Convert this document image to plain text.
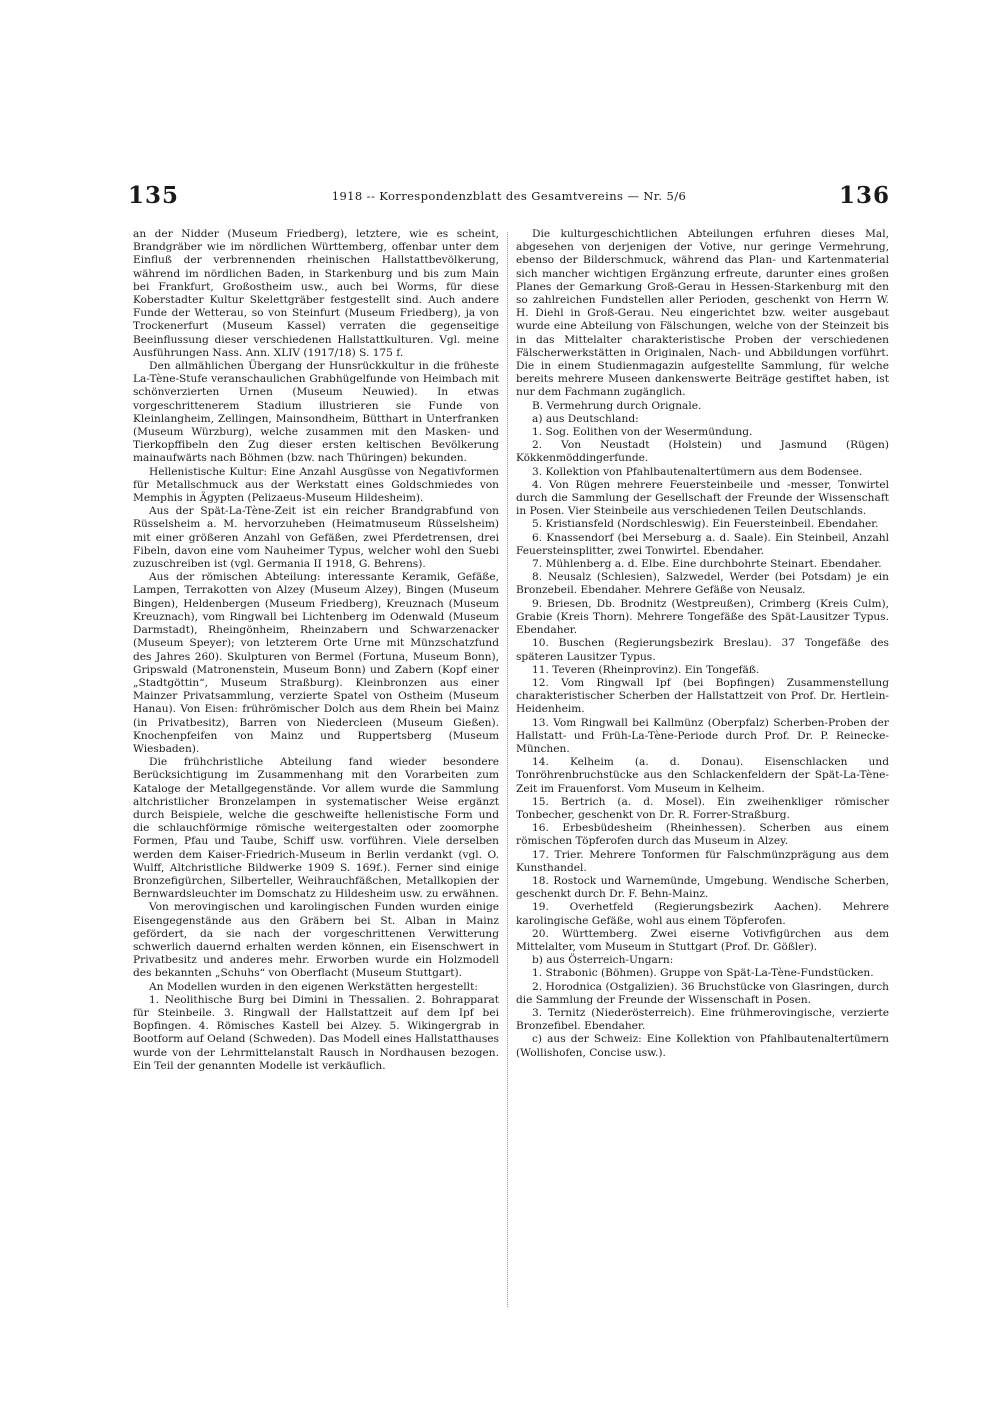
135	1918 -- Korrespondenzblatt des Gesamtvereins — Nr. 5/6	136

an der Nidder (Museum Friedberg), letztere, wie es scheint, Brandgräber wie im nördlichen Württemberg, offenbar unter dem Einfluß der verbrennenden rheinischen Hallstattbevölkerung, während im nördlichen Baden, in Starkenburg und bis zum Main bei Frankfurt, Großostheim usw., auch bei Worms, für diese Koberstadter Kultur Skelettgräber festgestellt sind. Auch andere Funde der Wetterau, so von Steinfurt (Museum Friedberg), ja von Trockenerfurt (Museum Kassel) verraten die gegenseitige Beeinflussung dieser verschiedenen Hallstattkulturen. Vgl. meine Ausführungen Nass. Ann. XLIV (1917/18) S. 175 f.

Den allmählichen Übergang der Hunsrückkultur in die früheste La-Tène-Stufe veranschaulichen Grabhügelfunde von Heimbach mit schönverzierten Urnen (Museum Neuwied). In etwas vorgeschrittenerem Stadium illustrieren sie Funde von Kleinlangheim, Zellingen, Mainsondheim, Bütthart in Unterfranken (Museum Würzburg), welche zusammen mit den Masken- und Tierkopffibeln den Zug dieser ersten keltischen Bevölkerung mainaufwärts nach Böhmen (bzw. nach Thüringen) bekunden.

Hellenistische Kultur: Eine Anzahl Ausgüsse von Negativformen für Metallschmuck aus der Werkstatt eines Goldschmiedes von Memphis in Ägypten (Pelizaeus-Museum Hildesheim).

Aus der Spät-La-Tène-Zeit ist ein reicher Brandgrabfund von Rüsselsheim a. M. hervorzuheben (Heimatmuseum Rüsselsheim) mit einer größeren Anzahl von Gefäßen, zwei Pferdetrensen, drei Fibeln, davon eine vom Nauheimer Typus, welcher wohl den Suebi zuzuschreiben ist (vgl. Germania II 1918, G. Behrens).

Aus der römischen Abteilung: interessante Keramik, Gefäße, Lampen, Terrakotten von Alzey (Museum Alzey), Bingen (Museum Bingen), Heldenbergen (Museum Friedberg), Kreuznach (Museum Kreuznach), vom Ringwall bei Lichtenberg im Odenwald (Museum Darmstadt), Rheingönheim, Rheinzabern und Schwarzenacker (Museum Speyer); von letzterem Orte Urne mit Münzschatzfund des Jahres 260). Skulpturen von Bermel (Fortuna, Museum Bonn), Gripswald (Matronenstein, Museum Bonn) und Zabern (Kopf einer „Stadtgöttin“, Museum Straßburg). Kleinbronzen aus einer Mainzer Privatsammlung, verzierte Spatel von Ostheim (Museum Hanau). Von Eisen: frührömischer Dolch aus dem Rhein bei Mainz (in Privatbesitz), Barren von Niedercleen (Museum Gießen). Knochenpfeifen von Mainz und Ruppertsberg (Museum Wiesbaden).

Die frühchristliche Abteilung fand wieder besondere Berücksichtigung im Zusammenhang mit den Vorarbeiten zum Kataloge der Metallgegenstände. Vor allem wurde die Sammlung altchristlicher Bronzelampen in systematischer Weise ergänzt durch Beispiele, welche die geschweifte hellenistische Form und die schlauchförmige römische weitergestalten oder zoomorphe Formen, Pfau und Taube, Schiff usw. vorführen. Viele derselben werden dem Kaiser-Friedrich-Museum in Berlin verdankt (vgl. O. Wulff, Altchristliche Bildwerke 1909 S. 169f.). Ferner sind einige Bronzefigürchen, Silberteller, Weihrauchfäßchen, Metallkopien der Bernwardsleuchter im Domschatz zu Hildesheim usw. zu erwähnen.

Von merovingischen und karolingischen Funden wurden einige Eisengegenstände aus den Gräbern bei St. Alban in Mainz gefördert, da sie nach der vorgeschrittenen Verwitterung schwerlich dauernd erhalten werden können, ein Eisenschwert in Privatbesitz und anderes mehr. Erworben wurde ein Holzmodell des bekannten „Schuhs“ von Oberflacht (Museum Stuttgart).

An Modellen wurden in den eigenen Werkstätten hergestellt:

1. Neolithische Burg bei Dimini in Thessalien. 2. Bohrapparat für Steinbeile. 3. Ringwall der Hallstattzeit auf dem Ipf bei Bopfingen. 4. Römisches Kastell bei Alzey. 5. Wikingergrab in Bootform auf Oeland (Schweden). Das Modell eines Hallstatthauses wurde von der Lehrmittelanstalt Rausch in Nordhausen bezogen. Ein Teil der genannten Modelle ist verkäuflich.

Die kulturgeschichtlichen Abteilungen erfuhren dieses Mal, abgesehen von derjenigen der Votive, nur geringe Vermehrung, ebenso der Bilderschmuck, während das Plan- und Kartenmaterial sich mancher wichtigen Ergänzung erfreute, darunter eines großen Planes der Gemarkung Groß-Gerau in Hessen-Starkenburg mit den so zahlreichen Fundstellen aller Perioden, geschenkt von Herrn W. H. Diehl in Groß-Gerau. Neu eingerichtet bzw. weiter ausgebaut wurde eine Abteilung von Fälschungen, welche von der Steinzeit bis in das Mittelalter charakteristische Proben der verschiedenen Fälscherwerkstätten in Originalen, Nach- und Abbildungen vorführt. Die in einem Studienmagazin aufgestellte Sammlung, für welche bereits mehrere Museen dankenswerte Beiträge gestiftet haben, ist nur dem Fachmann zugänglich.

B. Vermehrung durch Orignale.

a) aus Deutschland:

1. Sog. Eolithen von der Wesermündung.

2. Von Neustadt (Holstein) und Jasmund (Rügen) Kökkenmöddingerfunde.

3. Kollektion von Pfahlbautenaltertümern aus dem Bodensee.

4. Von Rügen mehrere Feuersteinbeile und -messer, Tonwirtel durch die Sammlung der Gesellschaft der Freunde der Wissenschaft in Posen. Vier Steinbeile aus verschiedenen Teilen Deutschlands.

5. Kristiansfeld (Nordschleswig). Ein Feuersteinbeil. Ebendaher.

6. Knassendorf (bei Merseburg a. d. Saale). Ein Steinbeil, Anzahl Feuersteinsplitter, zwei Tonwirtel. Ebendaher.

7. Mühlenberg a. d. Elbe. Eine durchbohrte Steinart. Ebendaher.

8. Neusalz (Schlesien), Salzwedel, Werder (bei Potsdam) je ein Bronzebeil. Ebendaher. Mehrere Gefäße von Neusalz.

9. Briesen, Db. Brodnitz (Westpreußen), Crimberg (Kreis Culm), Grabie (Kreis Thorn). Mehrere Tongefäße des Spät-Lausitzer Typus. Ebendaher.

10. Buschen (Regierungsbezirk Breslau). 37 Tongefäße des späteren Lausitzer Typus.

11. Teveren (Rheinprovinz). Ein Tongefäß.

12. Vom Ringwall Ipf (bei Bopfingen) Zusammenstellung charakteristischer Scherben der Hallstattzeit von Prof. Dr. Hertlein-Heidenheim.

13. Vom Ringwall bei Kallmünz (Oberpfalz) Scherben-Proben der Hallstatt- und Früh-La-Tène-Periode durch Prof. Dr. P. Reinecke-München.

14. Kelheim (a. d. Donau). Eisenschlacken und Tonröhrenbruchstücke aus den Schlackenfeldern der Spät-La-Tène-Zeit im Frauenforst. Vom Museum in Kelheim.

15. Bertrich (a. d. Mosel). Ein zweihenkliger römischer Tonbecher, geschenkt von Dr. R. Forrer-Straßburg.

16. Erbesbüdesheim (Rheinhessen). Scherben aus einem römischen Töpferofen durch das Museum in Alzey.

17. Trier. Mehrere Tonformen für Falschmünzprägung aus dem Kunsthandel.

18. Rostock und Warnemünde, Umgebung. Wendische Scherben, geschenkt durch Dr. F. Behn-Mainz.

19. Overhetfeld (Regierungsbezirk Aachen). Mehrere karolingische Gefäße, wohl aus einem Töpferofen.

20. Württemberg. Zwei eiserne Votivfigürchen aus dem Mittelalter, vom Museum in Stuttgart (Prof. Dr. Gößler).

b) aus Österreich-Ungarn:

1. Strabonic (Böhmen). Gruppe von Spät-La-Tène-Fundstücken.

2. Horodnica (Ostgalizien). 36 Bruchstücke von Glasringen, durch die Sammlung der Freunde der Wissenschaft in Posen.

3. Ternitz (Niederösterreich). Eine frühmerovingische, verzierte Bronzefibel. Ebendaher.

c) aus der Schweiz: Eine Kollektion von Pfahlbautenaltertümern (Wollishofen, Concise usw.).
